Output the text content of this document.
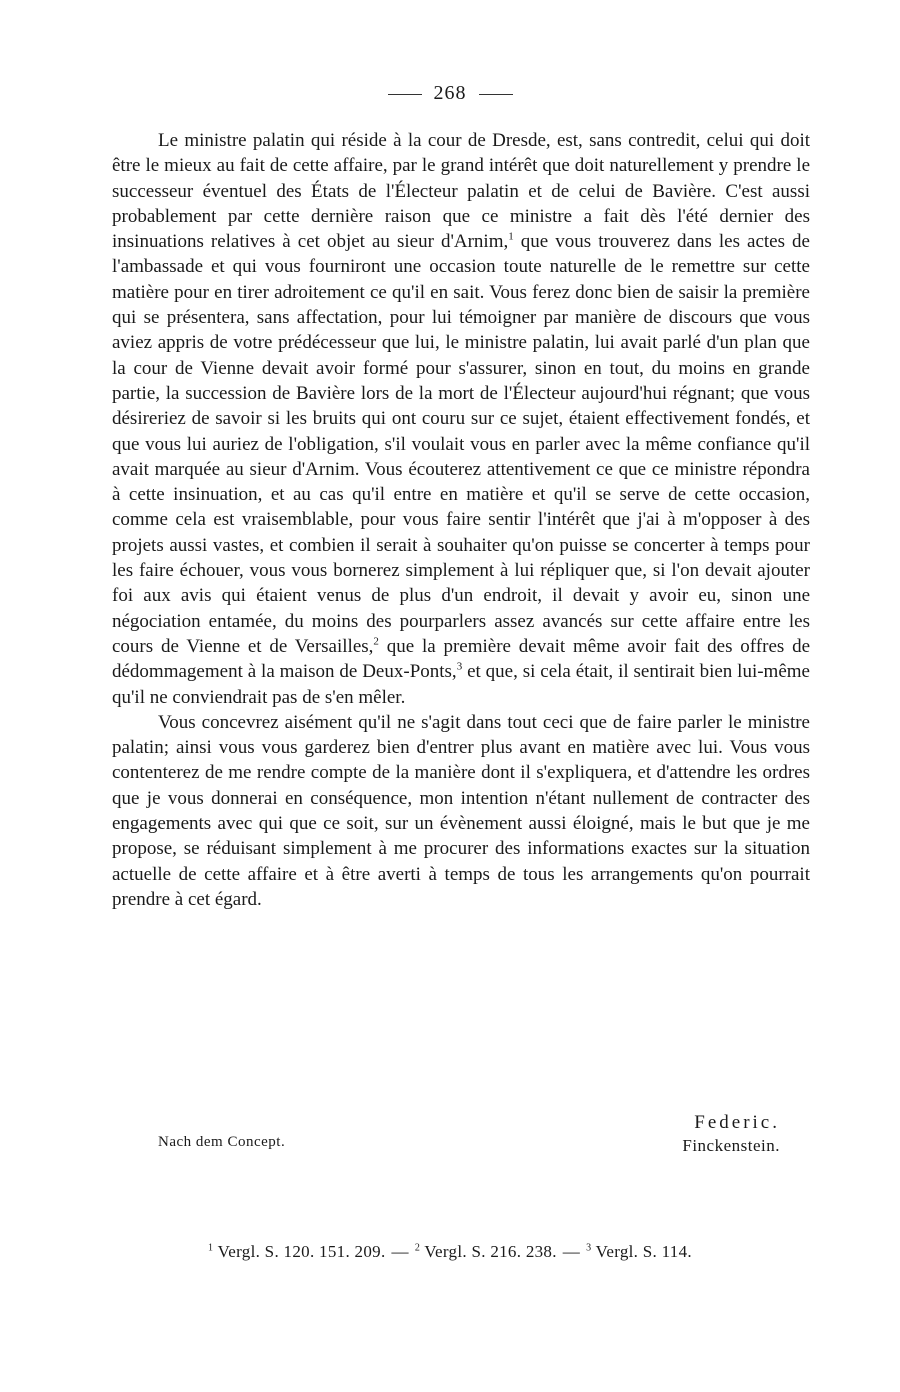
268

Le ministre palatin qui réside à la cour de Dresde, est, sans contredit, celui qui doit être le mieux au fait de cette affaire, par le grand intérêt que doit naturellement y prendre le successeur éventuel des États de l'Électeur palatin et de celui de Bavière. C'est aussi probablement par cette dernière raison que ce ministre a fait dès l'été dernier des insinuations relatives à cet objet au sieur d'Arnim,$^1$ que vous trouverez dans les actes de l'ambassade et qui vous fourniront une occasion toute naturelle de le remettre sur cette matière pour en tirer adroitement ce qu'il en sait. Vous ferez donc bien de saisir la première qui se présentera, sans affectation, pour lui témoigner par manière de discours que vous aviez appris de votre prédécesseur que lui, le ministre palatin, lui avait parlé d'un plan que la cour de Vienne devait avoir formé pour s'assurer, sinon en tout, du moins en grande partie, la succession de Bavière lors de la mort de l'Électeur aujourd'hui régnant; que vous désireriez de savoir si les bruits qui ont couru sur ce sujet, étaient effectivement fondés, et que vous lui auriez de l'obligation, s'il voulait vous en parler avec la même confiance qu'il avait marquée au sieur d'Arnim. Vous écouterez attentivement ce que ce ministre répondra à cette insinuation, et au cas qu'il entre en matière et qu'il se serve de cette occasion, comme cela est vraisemblable, pour vous faire sentir l'intérêt que j'ai à m'opposer à des projets aussi vastes, et combien il serait à souhaiter qu'on puisse se concerter à temps pour les faire échouer, vous vous bornerez simplement à lui répliquer que, si l'on devait ajouter foi aux avis qui étaient venus de plus d'un endroit, il devait y avoir eu, sinon une négociation entamée, du moins des pourparlers assez avancés sur cette affaire entre les cours de Vienne et de Versailles,$^2$ que la première devait même avoir fait des offres de dédommagement à la maison de Deux-Ponts,$^3$ et que, si cela était, il sentirait bien lui-même qu'il ne conviendrait pas de s'en mêler.

Vous concevrez aisément qu'il ne s'agit dans tout ceci que de faire parler le ministre palatin; ainsi vous vous garderez bien d'entrer plus avant en matière avec lui. Vous vous contenterez de me rendre compte de la manière dont il s'expliquera, et d'attendre les ordres que je vous donnerai en conséquence, mon intention n'étant nullement de contracter des engagements avec qui que ce soit, sur un évènement aussi éloigné, mais le but que je me propose, se réduisant simplement à me procurer des informations exactes sur la situation actuelle de cette affaire et à être averti à temps de tous les arrangements qu'on pourrait prendre à cet égard.

Nach dem Concept.
Federic.
Finckenstein.
$^1$ Vergl. S. 120. 151. 209. — $^2$ Vergl. S. 216. 238. — $^3$ Vergl. S. 114.
